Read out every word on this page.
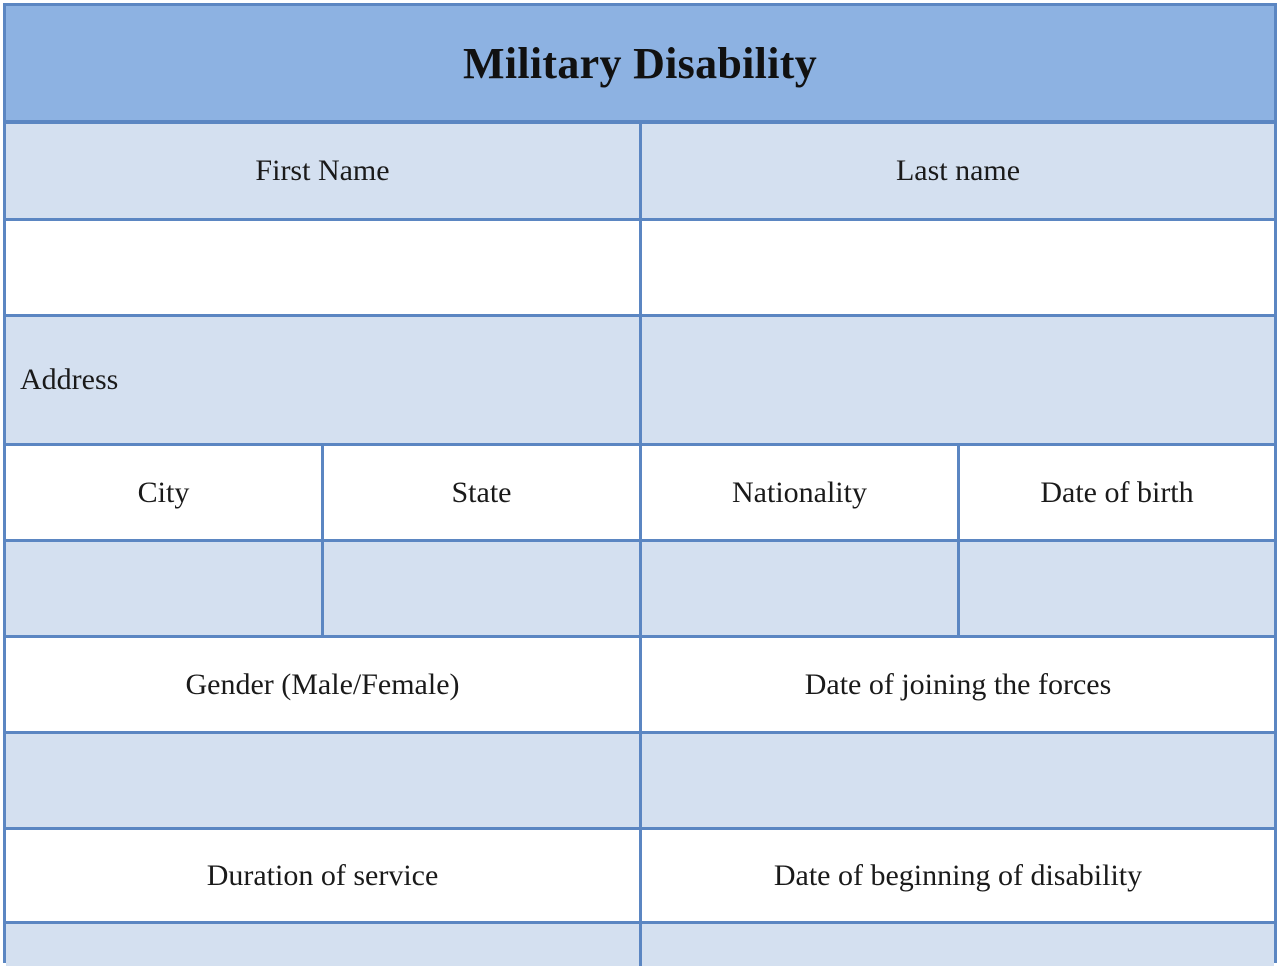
Military Disability
First Name	Last name
Address
City	State	Nationality	Date of birth
Gender (Male/Female)	Date of joining the forces
Duration of service	Date of beginning of disability
